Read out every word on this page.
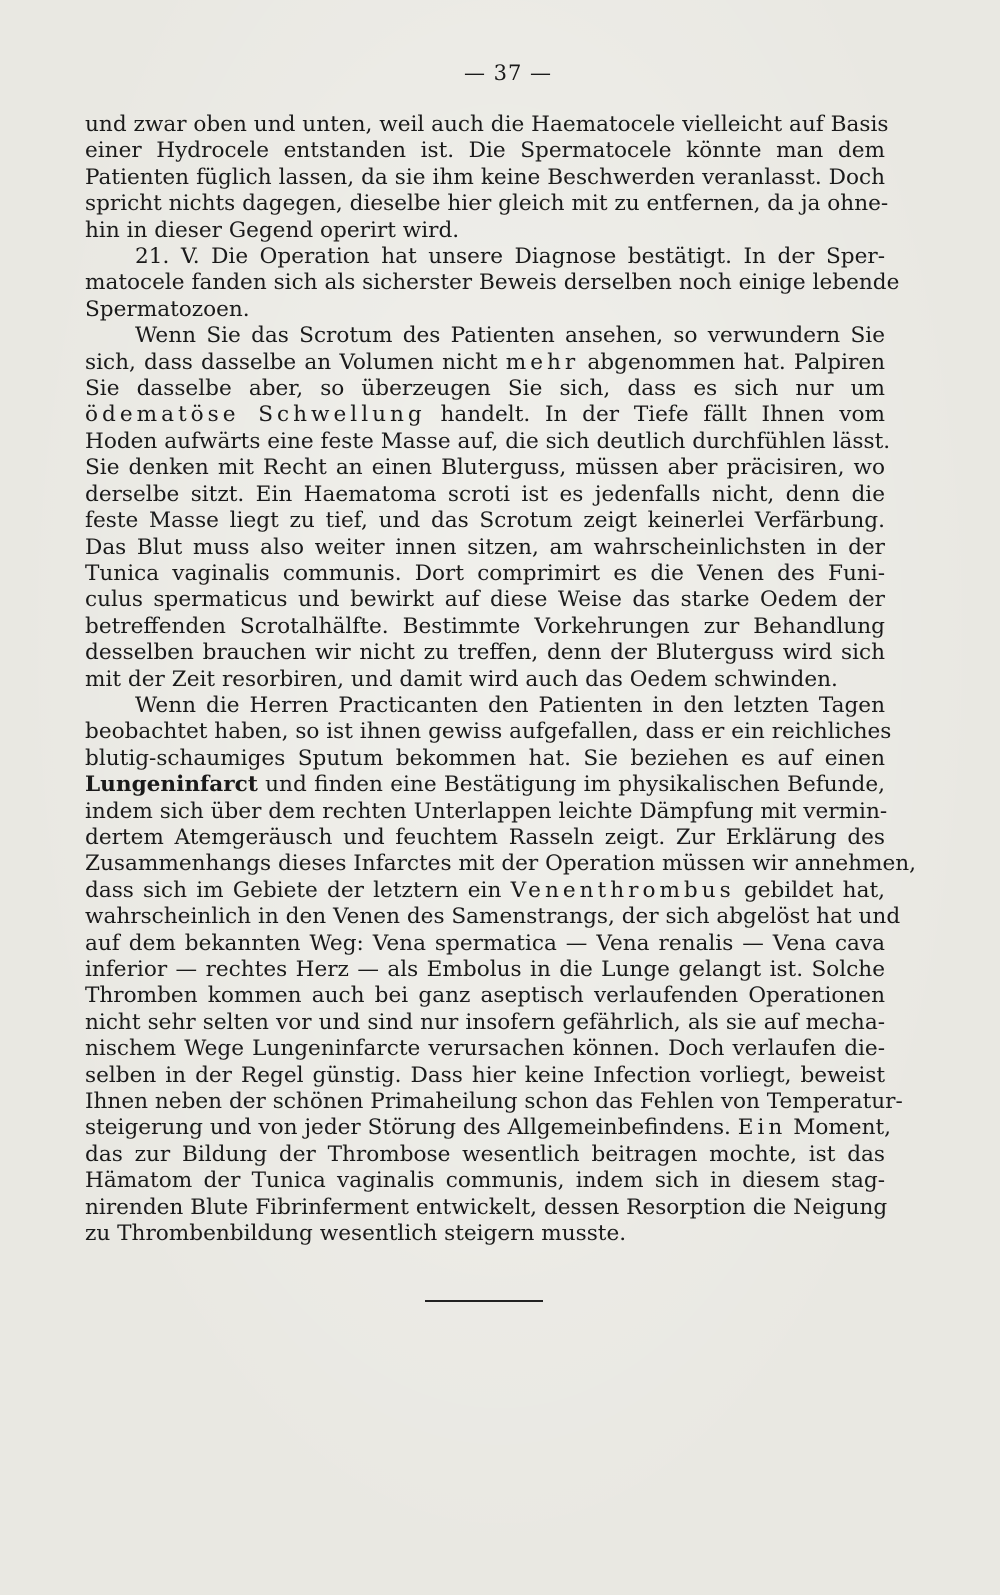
— 37 —

und zwar oben und unten, weil auch die Haematocele vielleicht auf Basis
einer Hydrocele entstanden ist. Die Spermatocele könnte man dem
Patienten füglich lassen, da sie ihm keine Beschwerden veranlasst. Doch
spricht nichts dagegen, dieselbe hier gleich mit zu entfernen, da ja ohne-
hin in dieser Gegend operirt wird.

21. V. Die Operation hat unsere Diagnose bestätigt. In der Sper-
matocele fanden sich als sicherster Beweis derselben noch einige lebende
Spermatozoen.

Wenn Sie das Scrotum des Patienten ansehen, so verwundern Sie
sich, dass dasselbe an Volumen nicht mehr abgenommen hat. Palpiren
Sie dasselbe aber, so überzeugen Sie sich, dass es sich nur um
ödematöse Schwellung handelt. In der Tiefe fällt Ihnen vom
Hoden aufwärts eine feste Masse auf, die sich deutlich durchfühlen lässt.
Sie denken mit Recht an einen Bluterguss, müssen aber präcisiren, wo
derselbe sitzt. Ein Haematoma scroti ist es jedenfalls nicht, denn die
feste Masse liegt zu tief, und das Scrotum zeigt keinerlei Verfärbung.
Das Blut muss also weiter innen sitzen, am wahrscheinlichsten in der
Tunica vaginalis communis. Dort comprimirt es die Venen des Funi-
culus spermaticus und bewirkt auf diese Weise das starke Oedem der
betreffenden Scrotalhälfte. Bestimmte Vorkehrungen zur Behandlung
desselben brauchen wir nicht zu treffen, denn der Bluterguss wird sich
mit der Zeit resorbiren, und damit wird auch das Oedem schwinden.

Wenn die Herren Practicanten den Patienten in den letzten Tagen
beobachtet haben, so ist ihnen gewiss aufgefallen, dass er ein reichliches
blutig-schaumiges Sputum bekommen hat. Sie beziehen es auf einen
Lungeninfarct und finden eine Bestätigung im physikalischen Befunde,
indem sich über dem rechten Unterlappen leichte Dämpfung mit vermin-
dertem Atemgeräusch und feuchtem Rasseln zeigt. Zur Erklärung des
Zusammenhangs dieses Infarctes mit der Operation müssen wir annehmen,
dass sich im Gebiete der letztern ein Venenthrombus gebildet hat,
wahrscheinlich in den Venen des Samenstrangs, der sich abgelöst hat und
auf dem bekannten Weg: Vena spermatica — Vena renalis — Vena cava
inferior — rechtes Herz — als Embolus in die Lunge gelangt ist. Solche
Thromben kommen auch bei ganz aseptisch verlaufenden Operationen
nicht sehr selten vor und sind nur insofern gefährlich, als sie auf mecha-
nischem Wege Lungeninfarcte verursachen können. Doch verlaufen die-
selben in der Regel günstig. Dass hier keine Infection vorliegt, beweist
Ihnen neben der schönen Primaheilung schon das Fehlen von Temperatur-
steigerung und von jeder Störung des Allgemeinbefindens. Ein Moment,
das zur Bildung der Thrombose wesentlich beitragen mochte, ist das
Hämatom der Tunica vaginalis communis, indem sich in diesem stag-
nirenden Blute Fibrinferment entwickelt, dessen Resorption die Neigung
zu Thrombenbildung wesentlich steigern musste.
